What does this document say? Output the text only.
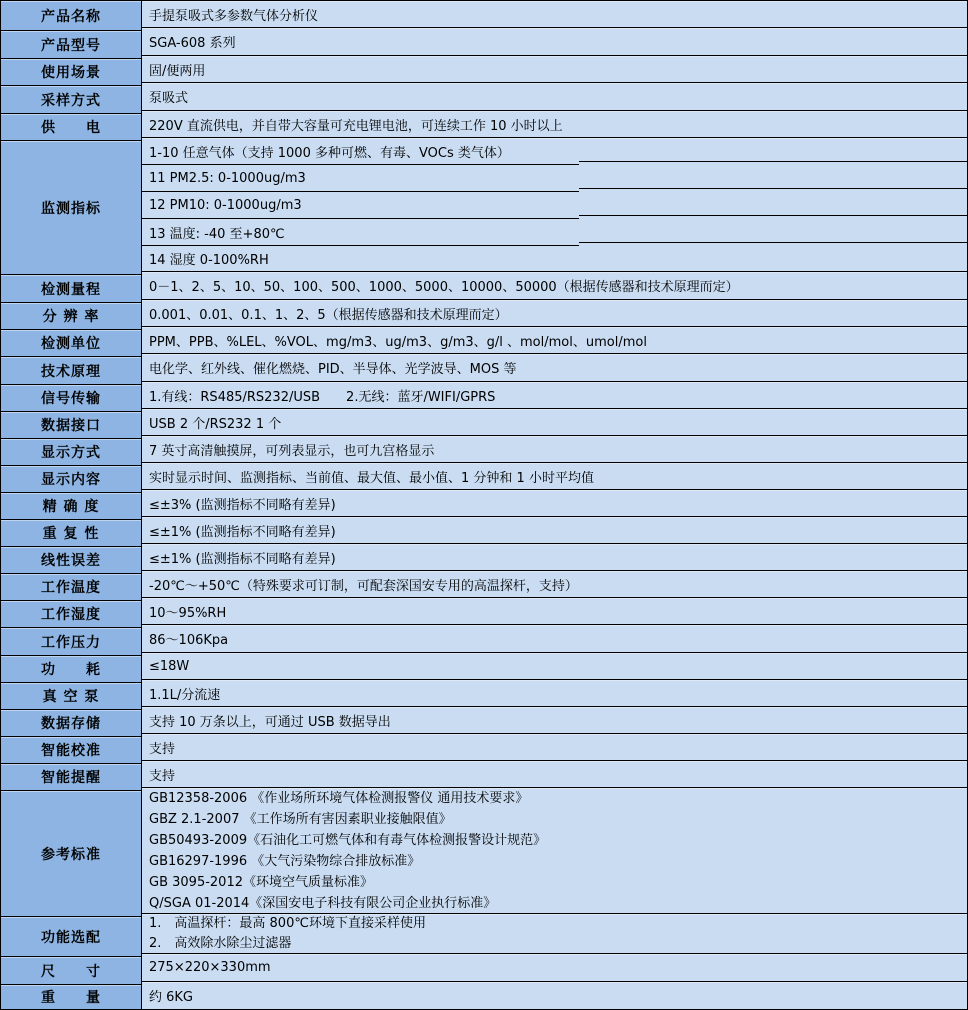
产品名称
产品型号
使用场景
采样方式
供　　电
监测指标
检测量程
分 辨 率
检测单位
技术原理
信号传输
数据接口
显示方式
显示内容
精 确 度
重 复 性
线性误差
工作温度
工作湿度
工作压力
功　　耗
真 空 泵
数据存储
智能校准
智能提醒
参考标准
功能选配
尺　　寸
重　　量
手提泵吸式多参数气体分析仪
SGA-608 系列
固/便两用
泵吸式
220V 直流供电，并自带大容量可充电锂电池，可连续工作 10 小时以上
1-10 任意气体（支持 1000 多种可燃、有毒、VOCs 类气体）
11 PM2.5: 0-1000ug/m3
12 PM10: 0-1000ug/m3
13 温度: -40 至+80℃
14 湿度 0-100%RH
0－1、2、5、10、50、100、500、1000、5000、10000、50000（根据传感器和技术原理而定）
0.001、0.01、0.1、1、2、5（根据传感器和技术原理而定）
PPM、PPB、%LEL、%VOL、mg/m3、ug/m3、g/m3、g/l 、mol/mol、umol/mol
电化学、红外线、催化燃烧、PID、半导体、光学波导、MOS 等
1.有线：RS485/RS232/USB　　2.无线：蓝牙/WIFI/GPRS
USB 2 个/RS232 1 个
7 英寸高清触摸屏，可列表显示，也可九宫格显示
实时显示时间、监测指标、当前值、最大值、最小值、1 分钟和 1 小时平均值
≤±3% (监测指标不同略有差异)
≤±1% (监测指标不同略有差异)
≤±1% (监测指标不同略有差异)
-20℃～+50℃（特殊要求可订制，可配套深国安专用的高温探杆，支持）
10～95%RH
86～106Kpa
≤18W
1.1L/分流速
支持 10 万条以上，可通过 USB 数据导出
支持
支持
GB12358-2006 《作业场所环境气体检测报警仪 通用技术要求》
GBZ 2.1-2007 《工作场所有害因素职业接触限值》
GB50493-2009《石油化工可燃气体和有毒气体检测报警设计规范》
GB16297-1996 《大气污染物综合排放标准》
GB 3095-2012《环境空气质量标准》
Q/SGA 01-2014《深国安电子科技有限公司企业执行标准》
1.　高温探杆：最高 800℃环境下直接采样使用
2.　高效除水除尘过滤器
275×220×330mm
约 6KG
